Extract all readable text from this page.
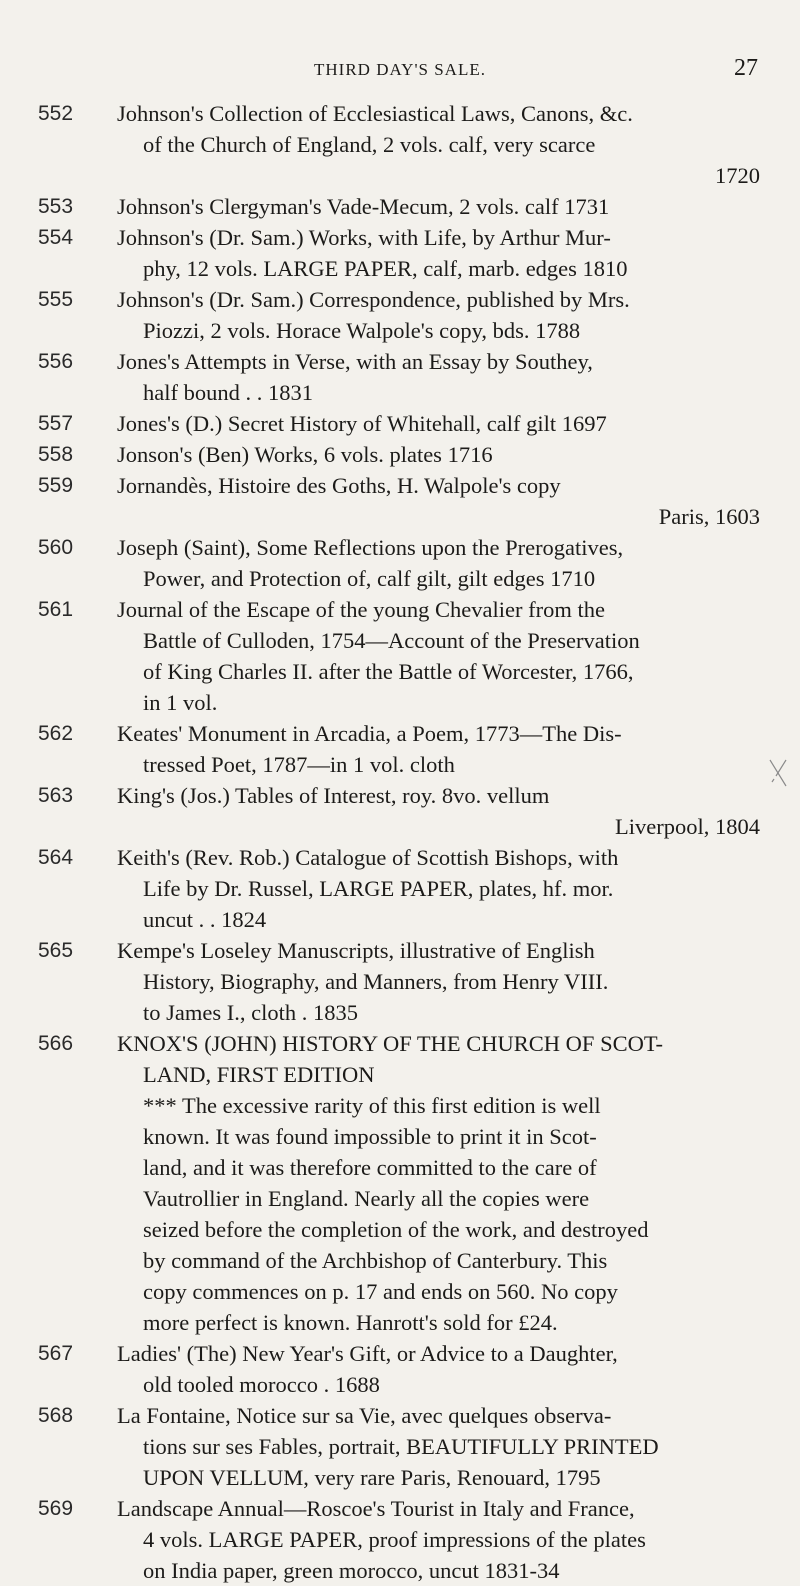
THIRD DAY'S SALE.	27
552 Johnson's Collection of Ecclesiastical Laws, Canons, &c.
of the Church of England, 2 vols. calf, very scarce
1720
553 Johnson's Clergyman's Vade-Mecum, 2 vols. calf 1731
554 Johnson's (Dr. Sam.) Works, with Life, by Arthur Mur-
phy, 12 vols. LARGE PAPER, calf, marb. edges 1810
555 Johnson's (Dr. Sam.) Correspondence, published by Mrs.
Piozzi, 2 vols. Horace Walpole's copy, bds. 1788
556 Jones's Attempts in Verse, with an Essay by Southey,
half bound . . 1831
557 Jones's (D.) Secret History of Whitehall, calf gilt 1697
558 Jonson's (Ben) Works, 6 vols. plates 1716
559 Jornandès, Histoire des Goths, H. Walpole's copy
Paris, 1603
560 Joseph (Saint), Some Reflections upon the Prerogatives,
Power, and Protection of, calf gilt, gilt edges 1710
561 Journal of the Escape of the young Chevalier from the
Battle of Culloden, 1754—Account of the Preservation
of King Charles II. after the Battle of Worcester, 1766,
in 1 vol.
562 Keates' Monument in Arcadia, a Poem, 1773—The Dis-
tressed Poet, 1787—in 1 vol. cloth
563 King's (Jos.) Tables of Interest, roy. 8vo. vellum
Liverpool, 1804
564 Keith's (Rev. Rob.) Catalogue of Scottish Bishops, with
Life by Dr. Russel, LARGE PAPER, plates, hf. mor.
uncut . . 1824
565 Kempe's Loseley Manuscripts, illustrative of English
History, Biography, and Manners, from Henry VIII.
to James I., cloth . 1835
566 KNOX'S (JOHN) HISTORY OF THE CHURCH OF SCOT-
LAND, FIRST EDITION
*** The excessive rarity of this first edition is well
known. It was found impossible to print it in Scot-
land, and it was therefore committed to the care of
Vautrollier in England. Nearly all the copies were
seized before the completion of the work, and destroyed
by command of the Archbishop of Canterbury. This
copy commences on p. 17 and ends on 560. No copy
more perfect is known. Hanrott's sold for £24.
567 Ladies' (The) New Year's Gift, or Advice to a Daughter,
old tooled morocco . 1688
568 La Fontaine, Notice sur sa Vie, avec quelques observa-
tions sur ses Fables, portrait, BEAUTIFULLY PRINTED
UPON VELLUM, very rare Paris, Renouard, 1795
569 Landscape Annual—Roscoe's Tourist in Italy and France,
4 vols. LARGE PAPER, proof impressions of the plates
on India paper, green morocco, uncut 1831-34
